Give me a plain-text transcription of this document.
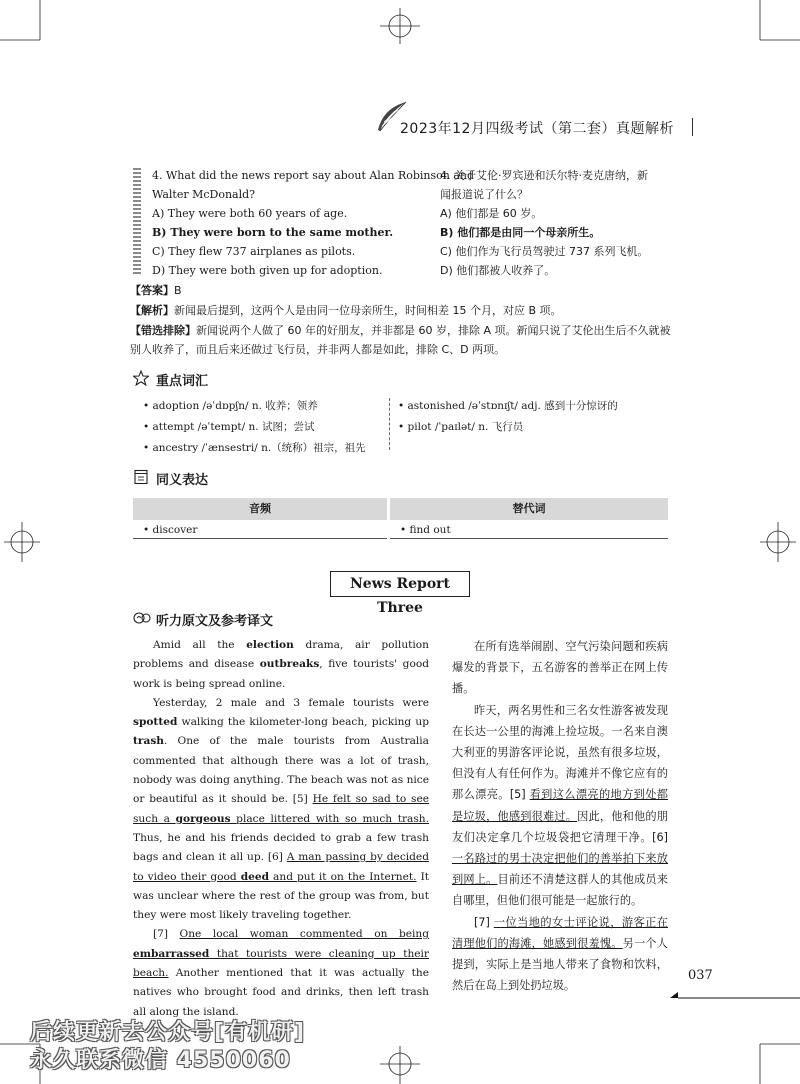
2023年12月四级考试（第二套）真题解析
4. What did the news report say about Alan Robinson and
Walter McDonald?
A) They were both 60 years of age.
B) They were born to the same mother.
C) They flew 737 airplanes as pilots.
D) They were both given up for adoption.
4. 关于艾伦·罗宾逊和沃尔特·麦克唐纳，新
闻报道说了什么？
A) 他们都是 60 岁。
B) 他们都是由同一个母亲所生。
C) 他们作为飞行员驾驶过 737 系列飞机。
D) 他们都被人收养了。
【答案】B
【解析】新闻最后提到，这两个人是由同一位母亲所生，时间相差 15 个月，对应 B 项。
【错选排除】新闻说两个人做了 60 年的好朋友，并非都是 60 岁，排除 A 项。新闻只说了艾伦出生后不久就被
别人收养了，而且后来还做过飞行员，并非两人都是如此，排除 C、D 两项。
重点词汇
• adoption /əˈdɒpʃn/ n. 收养；领养
• attempt /əˈtempt/ n. 试图；尝试
• ancestry /ˈænsestri/ n.（统称）祖宗，祖先
• astonished /əˈstɒnɪʃt/ adj. 感到十分惊讶的
• pilot /ˈpaɪlət/ n. 飞行员
同义表达
音频	替代词
• discover	• find out
News Report Three
听力原文及参考译文

Amid all the election drama, air pollution problems and disease outbreaks, five tourists' good work is being spread online.

Yesterday, 2 male and 3 female tourists were spotted walking the kilometer-long beach, picking up trash. One of the male tourists from Australia commented that although there was a lot of trash, nobody was doing anything. The beach was not as nice or beautiful as it should be. [5] He felt so sad to see such a gorgeous place littered with so much trash. Thus, he and his friends decided to grab a few trash bags and clean it all up. [6] A man passing by decided to video their good deed and put it on the Internet. It was unclear where the rest of the group was from, but they were most likely traveling together.

[7] One local woman commented on being embarrassed that tourists were cleaning up their beach. Another mentioned that it was actually the natives who brought food and drinks, then left trash all along the island.

在所有选举闹剧、空气污染问题和疾病爆发的背景下，五名游客的善举正在网上传播。

昨天，两名男性和三名女性游客被发现在长达一公里的海滩上捡垃圾。一名来自澳大利亚的男游客评论说，虽然有很多垃圾，但没有人有任何作为。海滩并不像它应有的那么漂亮。[5] 看到这么漂亮的地方到处都是垃圾，他感到很难过。因此，他和他的朋友们决定拿几个垃圾袋把它清理干净。[6] 一名路过的男士决定把他们的善举拍下来放到网上。目前还不清楚这群人的其他成员来自哪里，但他们很可能是一起旅行的。

[7] 一位当地的女士评论说，游客正在清理他们的海滩，她感到很羞愧。另一个人提到，实际上是当地人带来了食物和饮料，然后在岛上到处扔垃圾。

037
后续更新去公众号[有机研]
永久联系微信 4550060
